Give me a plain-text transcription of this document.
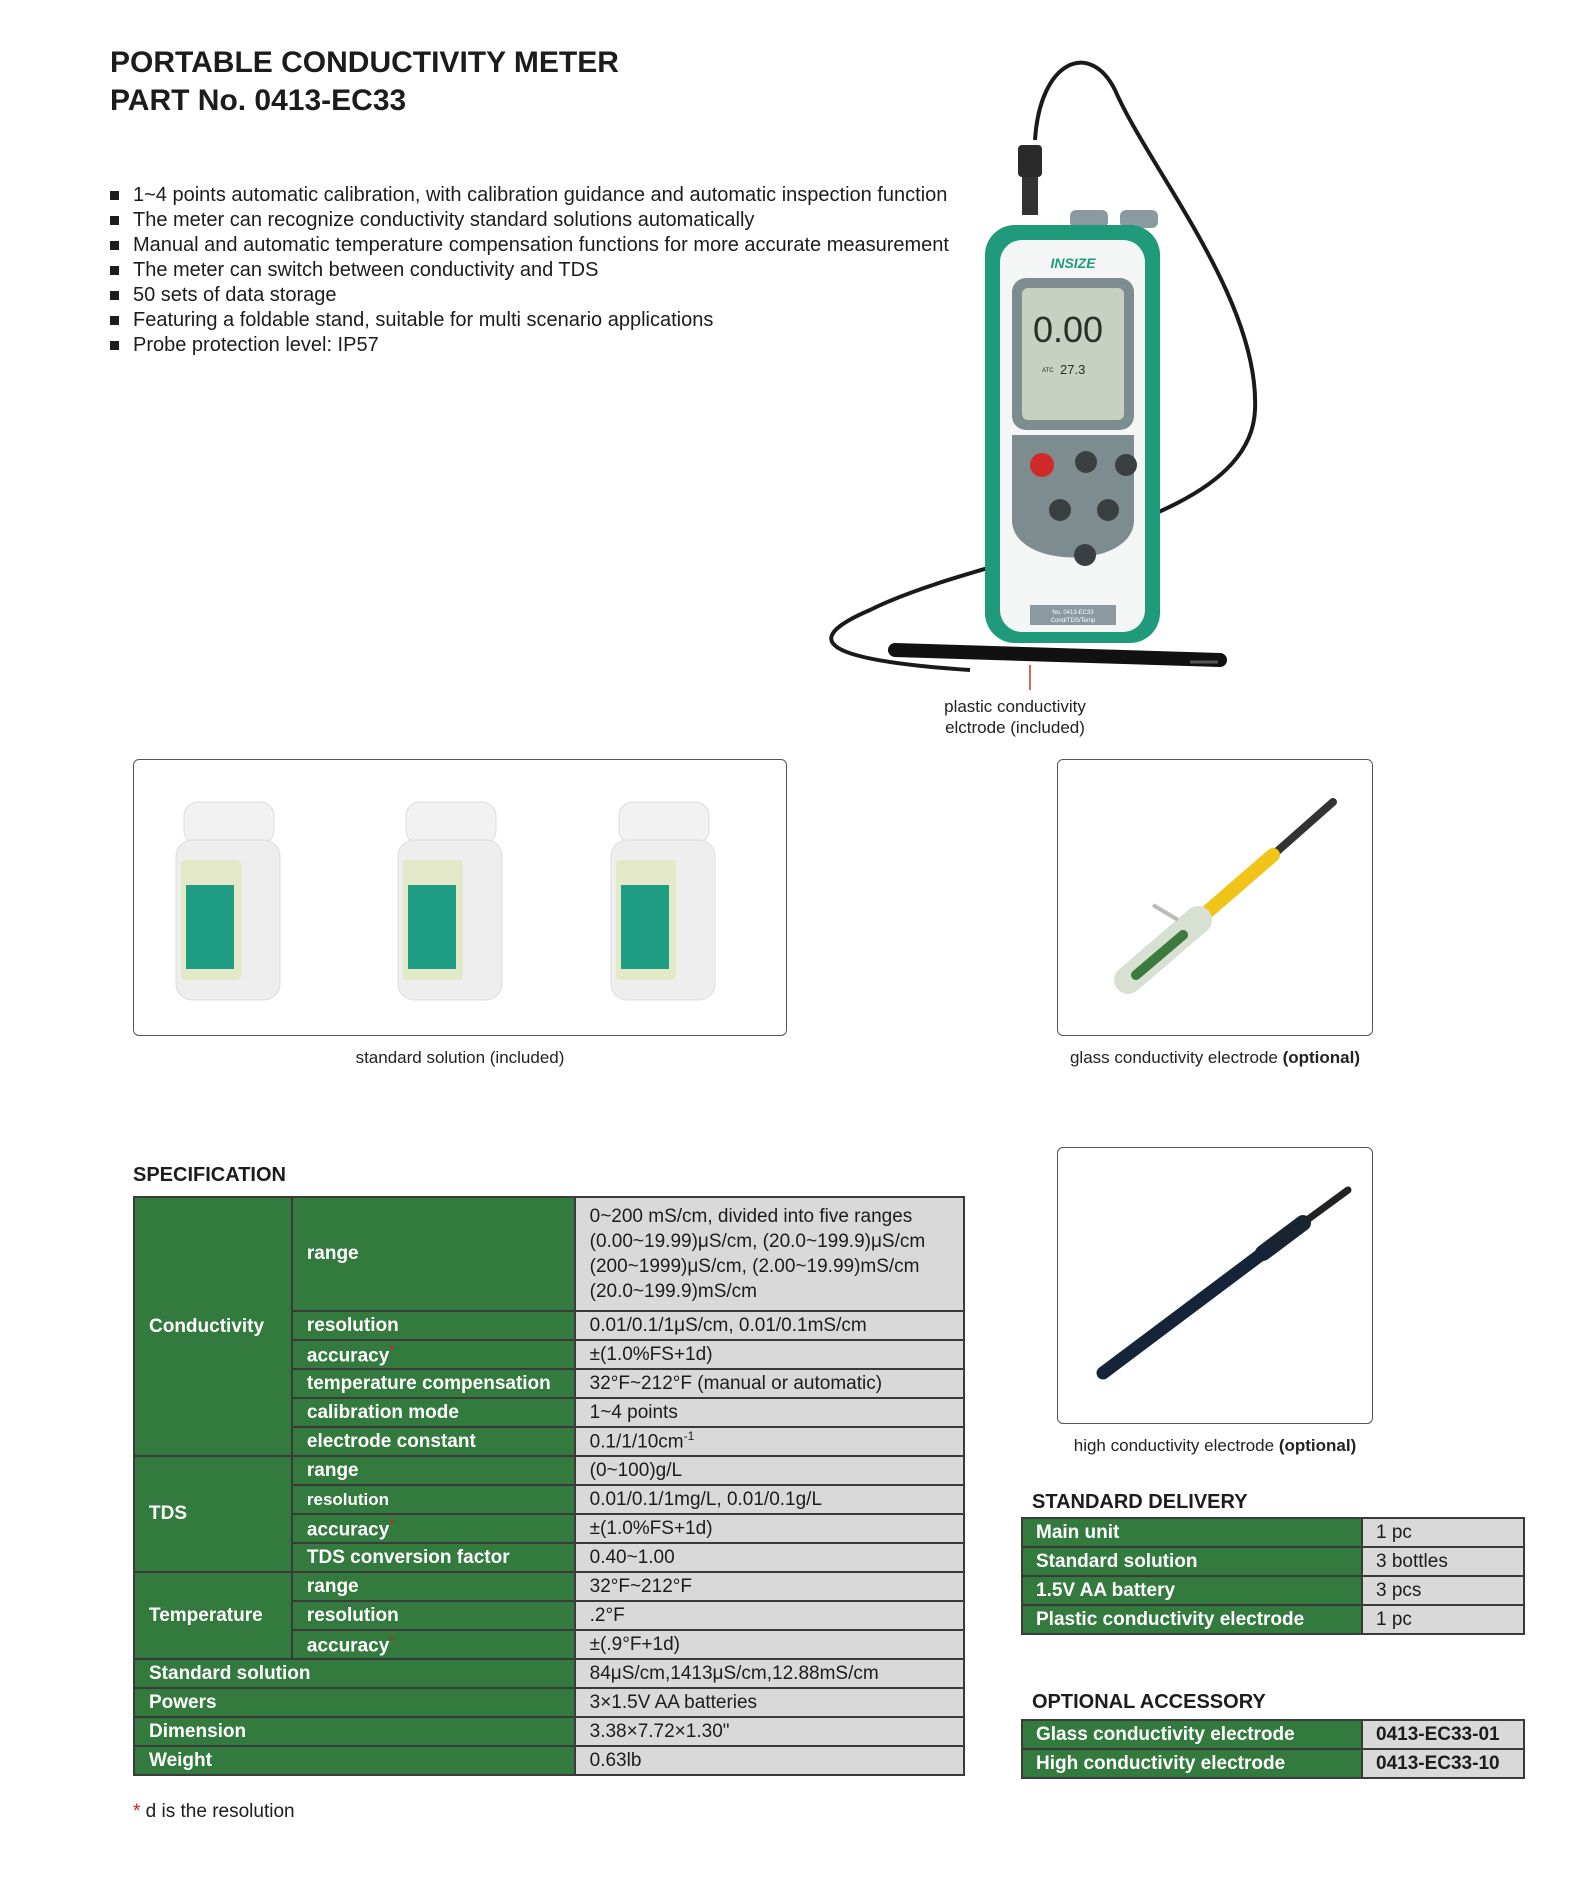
PORTABLE CONDUCTIVITY METER
PART No. 0413-EC33
1~4 points automatic calibration, with calibration guidance and automatic inspection function
The meter can recognize conductivity standard solutions automatically
Manual and automatic temperature compensation functions for more accurate measurement
The meter can switch between conductivity and TDS
50 sets of data storage
Featuring a foldable stand, suitable for multi scenario applications
Probe protection level: IP57
INSIZE
0.00
ATC 27.3
No. 0413-EC33
Cond/TDS/Temp
plastic conductivity
elctrode (included)
standard solution (included)	glass conductivity electrode (optional)
high conductivity electrode (optional)
SPECIFICATION
Conductivity	range	0~200 mS/cm, divided into five ranges
(0.00~19.99)μS/cm, (20.0~199.9)μS/cm
(200~1999)μS/cm, (2.00~19.99)mS/cm
(20.0~199.9)mS/cm

	resolution	0.01/0.1/1μS/cm, 0.01/0.1mS/cm
	accuracy*	±(1.0%FS+1d)
	temperature compensation	32°F~212°F (manual or automatic)
	calibration mode	1~4 points
	electrode constant	$0.1/1/10cm^{-1}$
TDS	range	(0~100)g/L
	resolution	0.01/0.1/1mg/L, 0.01/0.1g/L
	accuracy*	±(1.0%FS+1d)
	TDS conversion factor	0.40~1.00
Temperature	range	32°F~212°F
	resolution	.2°F
	accuracy*	±(.9°F+1d)
Standard solution		84μS/cm,1413μS/cm,12.88mS/cm
Powers		3×1.5V AA batteries
Dimension		3.38×7.72×1.30"
Weight		0.63lb
STANDARD DELIVERY
Main unit	1 pc
Standard solution	3 bottles
1.5V AA battery	3 pcs
Plastic conductivity electrode	1 pc
OPTIONAL ACCESSORY
Glass conductivity electrode	0413-EC33-01
High conductivity electrode	0413-EC33-10
* d is the resolution
